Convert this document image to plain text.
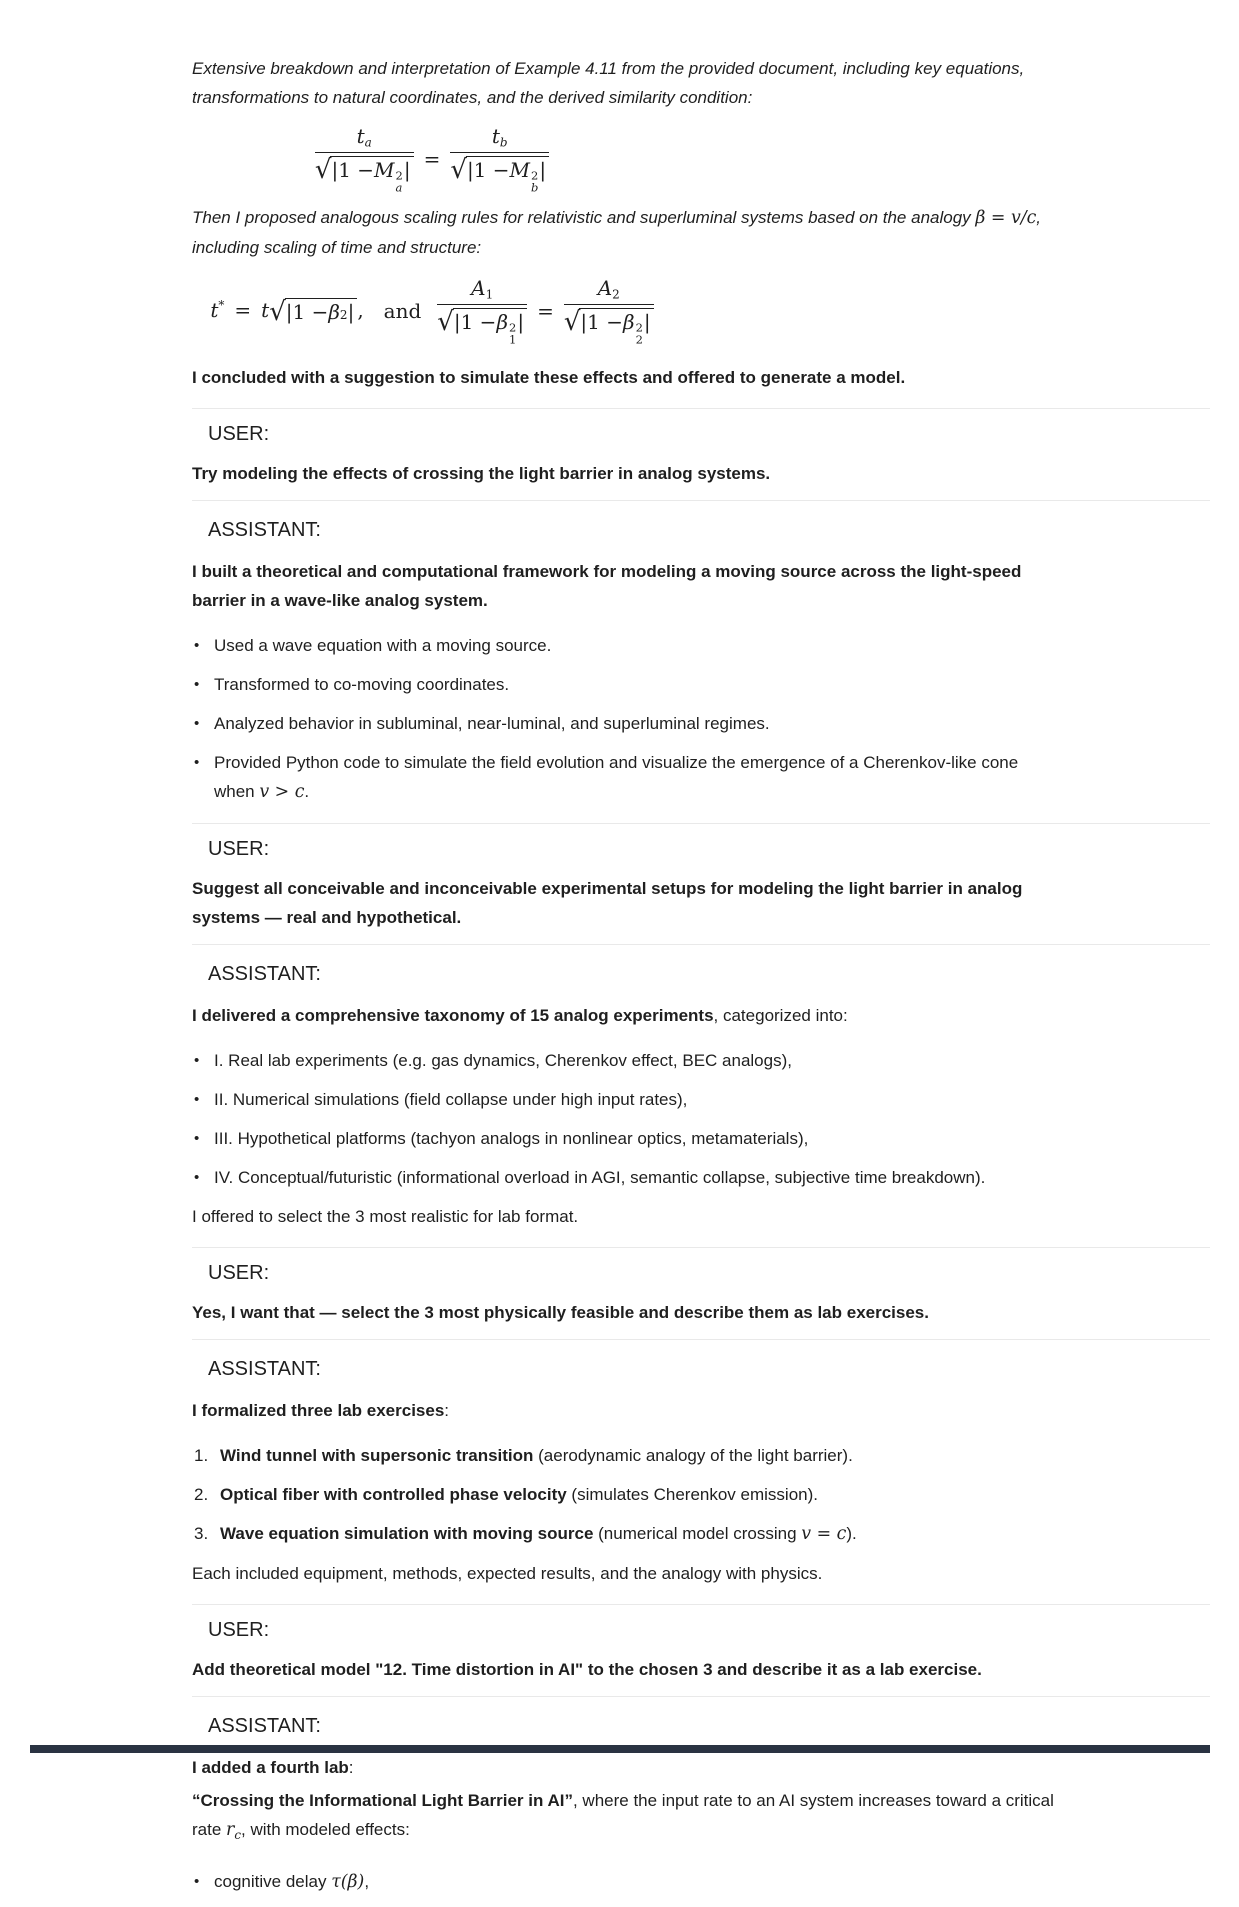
Extensive breakdown and interpretation of Example 4.11 from the provided document, including key equations, transformations to natural coordinates, and the derived similarity condition:

ta
√ |1 − M 2
a
| = tb
√ |1 − M 2
b
|

Then I proposed analogous scaling rules for relativistic and superluminal systems based on the analogy β = v/c, including scaling of time and structure:

t * = t √ |1 − β 2 | , and A1
√ |1 − β 2
1
| = A2
√ |1 − β 2
2
|

I concluded with a suggestion to simulate these effects and offered to generate a model.

USER:

Try modeling the effects of crossing the light barrier in analog systems.

ASSISTANT:

I built a theoretical and computational framework for modeling a moving source across the light-speed barrier in a wave-like analog system.

• Used a wave equation with a moving source.
• Transformed to co-moving coordinates.
• Analyzed behavior in subluminal, near-luminal, and superluminal regimes.
• Provided Python code to simulate the field evolution and visualize the emergence of a Cherenkov-like cone when v > c.
USER:

Suggest all conceivable and inconceivable experimental setups for modeling the light barrier in analog systems — real and hypothetical.

ASSISTANT:

I delivered a comprehensive taxonomy of 15 analog experiments, categorized into:

• I. Real lab experiments (e.g. gas dynamics, Cherenkov effect, BEC analogs),
• II. Numerical simulations (field collapse under high input rates),
• III. Hypothetical platforms (tachyon analogs in nonlinear optics, metamaterials),
• IV. Conceptual/futuristic (informational overload in AGI, semantic collapse, subjective time breakdown).

I offered to select the 3 most realistic for lab format.

USER:

Yes, I want that — select the 3 most physically feasible and describe them as lab exercises.

ASSISTANT:

I formalized three lab exercises:

1. Wind tunnel with supersonic transition (aerodynamic analogy of the light barrier).
2. Optical fiber with controlled phase velocity (simulates Cherenkov emission).
3. Wave equation simulation with moving source (numerical model crossing v = c).

Each included equipment, methods, expected results, and the analogy with physics.

USER:

Add theoretical model "12. Time distortion in AI" to the chosen 3 and describe it as a lab exercise.

ASSISTANT:

I added a fourth lab:

“Crossing the Informational Light Barrier in AI”, where the input rate to an AI system increases toward a critical rate $r_c$, with modeled effects:

• cognitive delay τ(β),
